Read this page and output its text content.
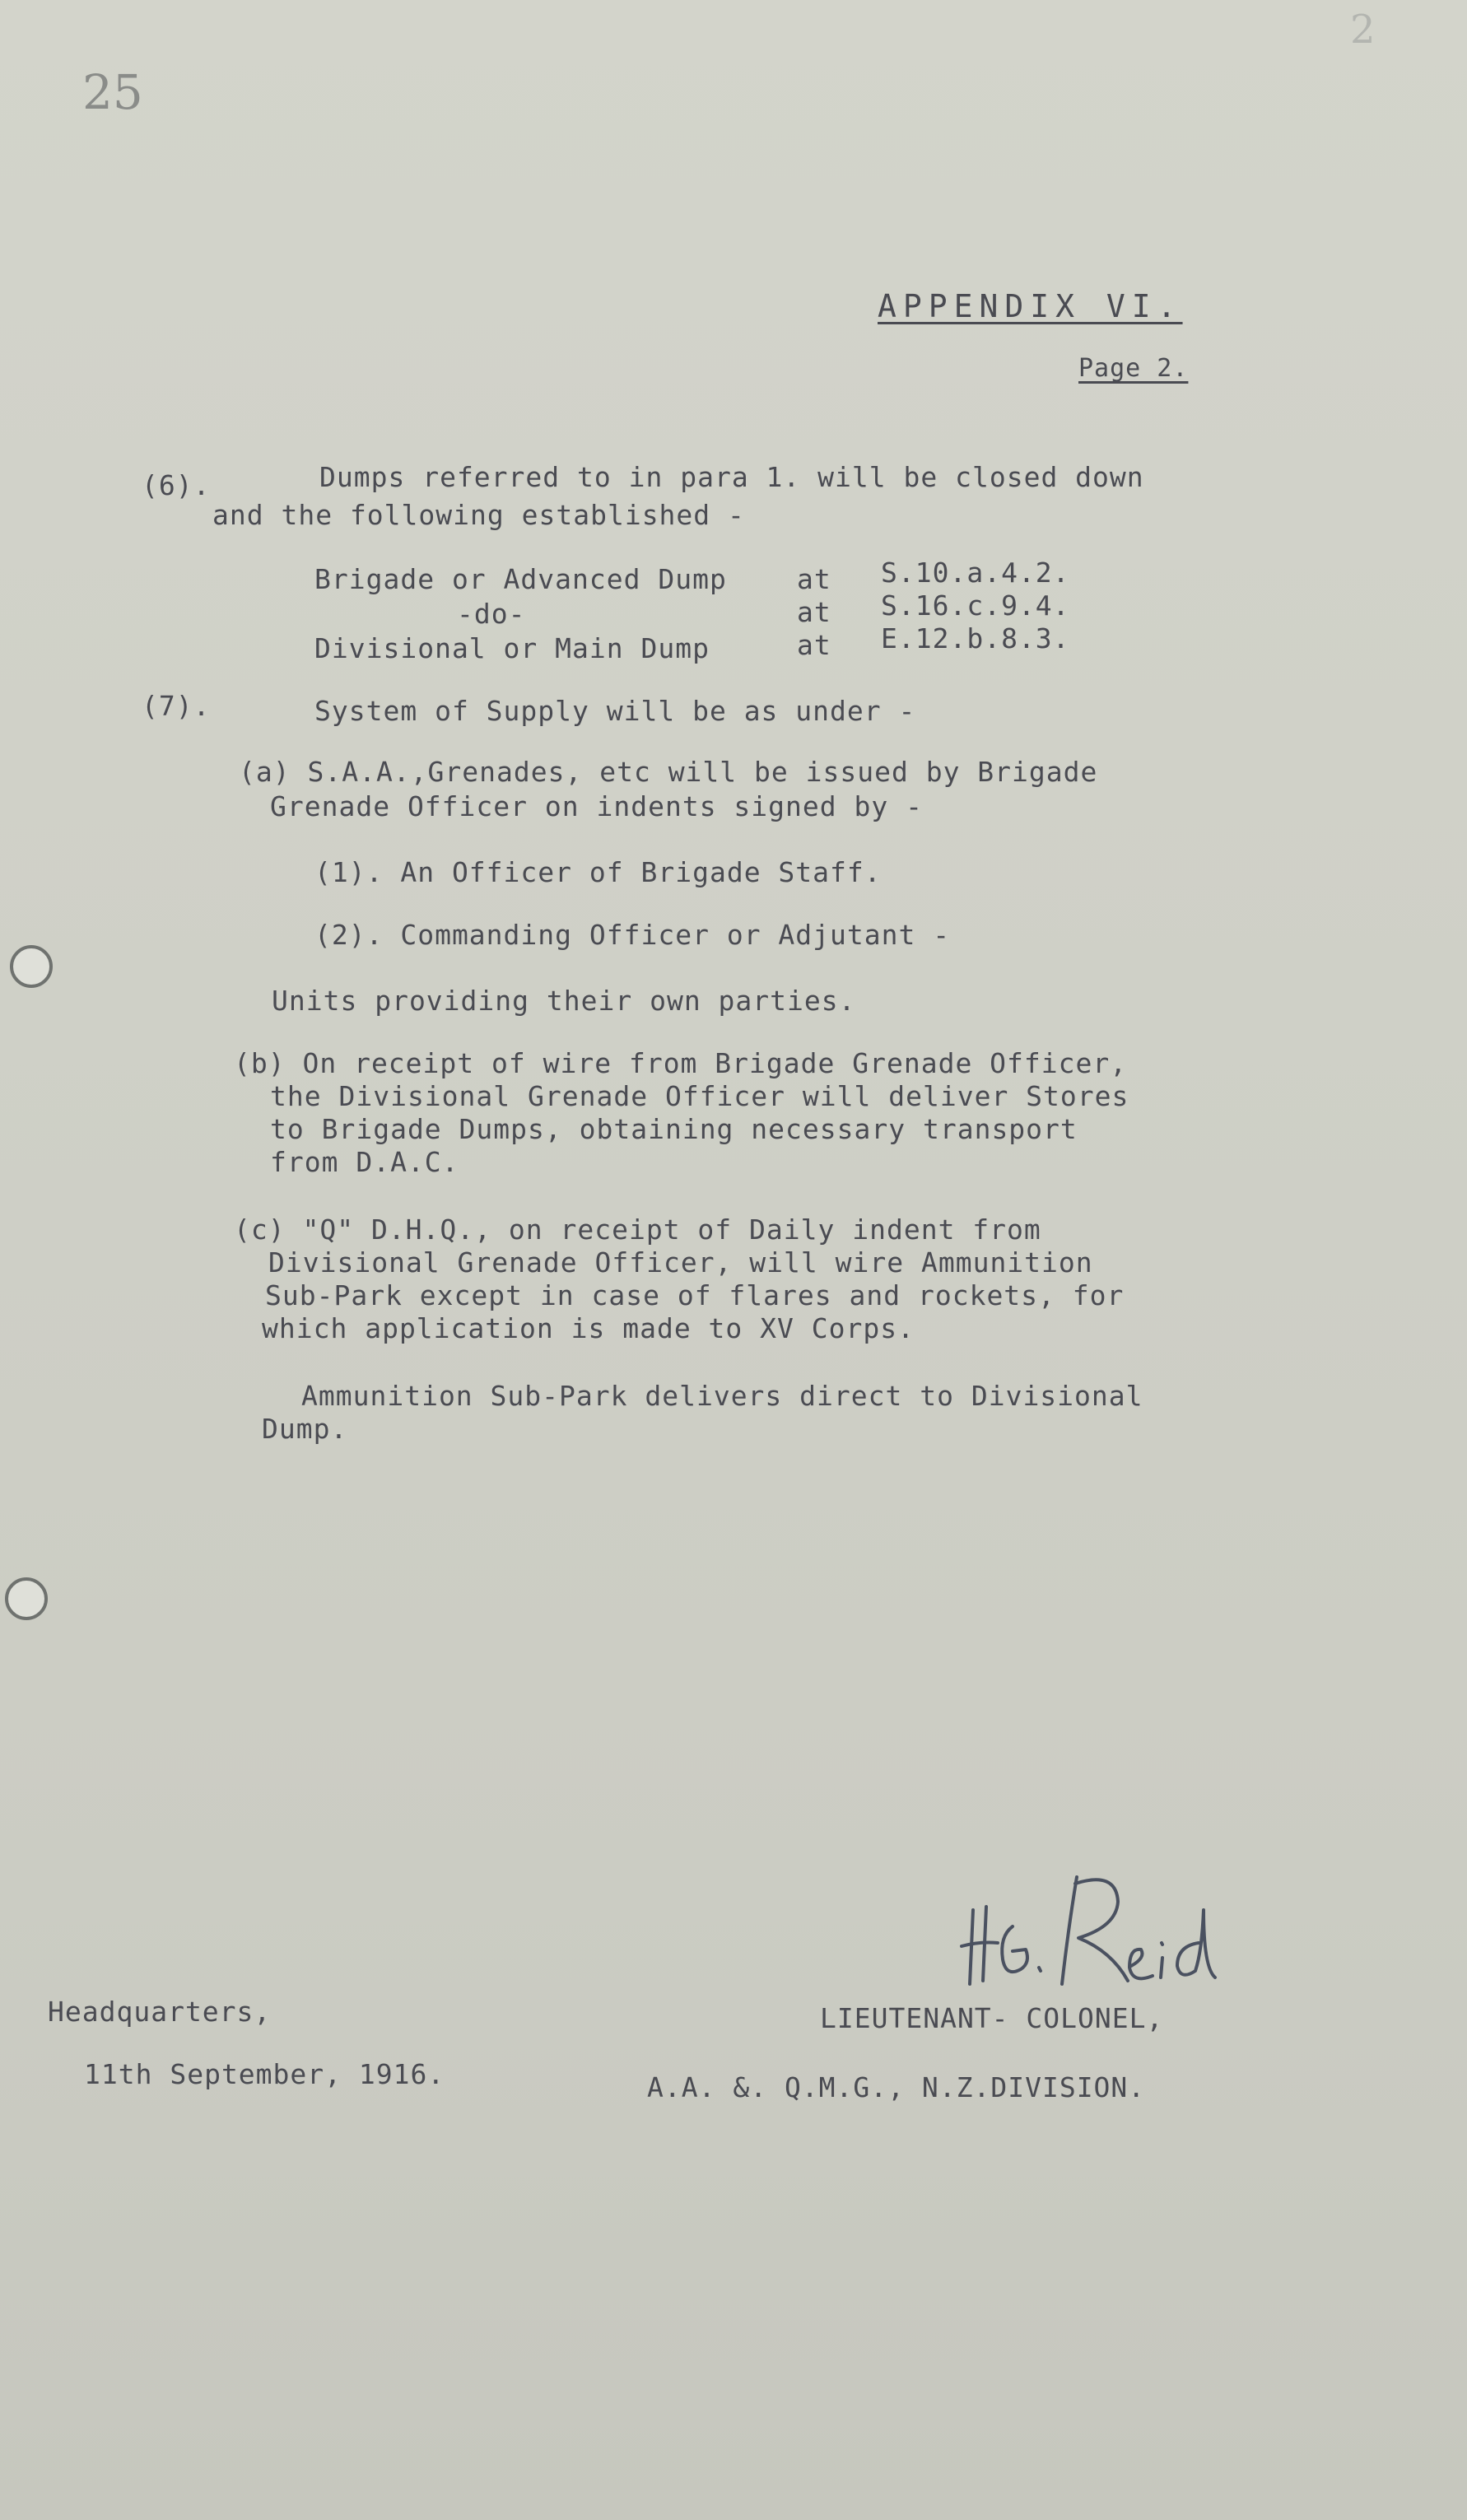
25
2
APPENDIX VI.
Page 2.
(6).	Dumps referred to in para 1. will be closed down
and the following established -
Brigade or Advanced Dump	at S.10.a.4.2.
-do-	at S.16.c.9.4.
Divisional or Main Dump	at E.12.b.8.3.
(7).	System of Supply will be as under -
(a) S.A.A.,Grenades, etc will be issued by Brigade
Grenade Officer on indents signed by -
(1). An Officer of Brigade Staff.
(2). Commanding Officer or Adjutant -
Units providing their own parties.
(b) On receipt of wire from Brigade Grenade Officer,
the Divisional Grenade Officer will deliver Stores
to Brigade Dumps, obtaining necessary transport
from D.A.C.
(c) "Q" D.H.Q., on receipt of Daily indent from
Divisional Grenade Officer, will wire Ammunition
Sub-Park except in case of flares and rockets, for
which application is made to XV Corps.
Ammunition Sub-Park delivers direct to Divisional
Dump.
Headquarters,	LIEUTENANT- COLONEL,
11th September, 1916.	A.A. &. Q.M.G., N.Z.DIVISION.
